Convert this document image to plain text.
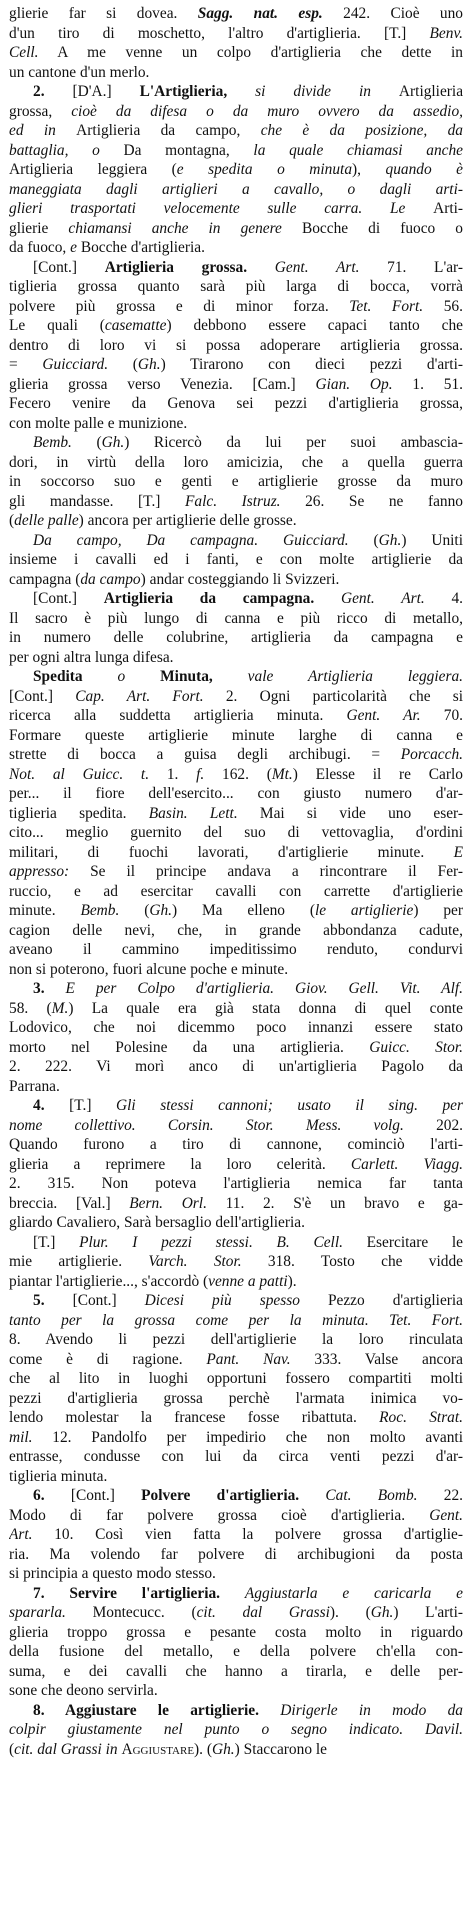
glierie far si dovea. Sagg. nat. esp. 242. Cioè uno
d'un tiro di moschetto, l'altro d'artiglieria. [T.] Benv.
Cell. A me venne un colpo d'artiglieria che dette in
un cantone d'un merlo.
2. [D'A.] L'Artiglieria, si divide in Artiglieria
grossa, cioè da difesa o da muro ovvero da assedio,
ed in Artiglieria da campo, che è da posizione, da
battaglia, o Da montagna, la quale chiamasi anche
Artiglieria leggiera (e spedita o minuta), quando è
maneggiata dagli artiglieri a cavallo, o dagli arti-
glieri trasportati velocemente sulle carra. Le Arti-
glierie chiamansi anche in genere Bocche di fuoco o
da fuoco, e Bocche d'artiglieria.
[Cont.] Artiglieria grossa. Gent. Art. 71. L'ar-
tiglieria grossa quanto sarà più larga di bocca, vorrà
polvere più grossa e di minor forza. Tet. Fort. 56.
Le quali (casematte) debbono essere capaci tanto che
dentro di loro vi si possa adoperare artiglieria grossa.
= Guicciard. (Gh.) Tirarono con dieci pezzi d'arti-
glieria grossa verso Venezia. [Cam.] Gian. Op. 1. 51.
Fecero venire da Genova sei pezzi d'artiglieria grossa,
con molte palle e munizione.
Bemb. (Gh.) Ricercò da lui per suoi ambascia-
dori, in virtù della loro amicizia, che a quella guerra
in soccorso suo e genti e artiglierie grosse da muro
gli mandasse. [T.] Falc. Istruz. 26. Se ne fanno
(delle palle) ancora per artiglierie delle grosse.
Da campo, Da campagna. Guicciard. (Gh.) Uniti
insieme i cavalli ed i fanti, e con molte artiglierie da
campagna (da campo) andar costeggiando li Svizzeri.
[Cont.] Artiglieria da campagna. Gent. Art. 4.
Il sacro è più lungo di canna e più ricco di metallo,
in numero delle colubrine, artiglieria da campagna e
per ogni altra lunga difesa.
Spedita o Minuta, vale Artiglieria leggiera.
[Cont.] Cap. Art. Fort. 2. Ogni particolarità che si
ricerca alla suddetta artiglieria minuta. Gent. Ar. 70.
Formare queste artiglierie minute larghe di canna e
strette di bocca a guisa degli archibugi. = Porcacch.
Not. al Guicc. t. 1. f. 162. (Mt.) Elesse il re Carlo
per... il fiore dell'esercito... con giusto numero d'ar-
tiglieria spedita. Basin. Lett. Mai si vide uno eser-
cito... meglio guernito del suo di vettovaglia, d'ordini
militari, di fuochi lavorati, d'artiglierie minute. E
appresso: Se il principe andava a rincontrare il Fer-
ruccio, e ad esercitar cavalli con carrette d'artiglierie
minute. Bemb. (Gh.) Ma elleno (le artiglierie) per
cagion delle nevi, che, in grande abbondanza cadute,
aveano il cammino impeditissimo renduto, condurvi
non si poterono, fuori alcune poche e minute.
3. E per Colpo d'artiglieria. Giov. Gell. Vit. Alf.
58. (M.) La quale era già stata donna di quel conte
Lodovico, che noi dicemmo poco innanzi essere stato
morto nel Polesine da una artiglieria. Guicc. Stor.
2. 222. Vi morì anco di un'artiglieria Pagolo da
Parrana.
4. [T.] Gli stessi cannoni; usato il sing. per
nome collettivo. Corsin. Stor. Mess. volg. 202.
Quando furono a tiro di cannone, cominciò l'arti-
glieria a reprimere la loro celerità. Carlett. Viagg.
2. 315. Non poteva l'artiglieria nemica far tanta
breccia. [Val.] Bern. Orl. 11. 2. S'è un bravo e ga-
gliardo Cavaliero, Sarà bersaglio dell'artiglieria.
[T.] Plur. I pezzi stessi. B. Cell. Esercitare le
mie artiglierie. Varch. Stor. 318. Tosto che vidde
piantar l'artiglierie..., s'accordò (venne a patti).
5. [Cont.] Dicesi più spesso Pezzo d'artiglieria
tanto per la grossa come per la minuta. Tet. Fort.
8. Avendo li pezzi dell'artiglierie la loro rinculata
come è di ragione. Pant. Nav. 333. Valse ancora
che al lito in luoghi opportuni fossero compartiti molti
pezzi d'artiglieria grossa perchè l'armata inimica vo-
lendo molestar la francese fosse ribattuta. Roc. Strat.
mil. 12. Pandolfo per impedirio che non molto avanti
entrasse, condusse con lui da circa venti pezzi d'ar-
tiglieria minuta.
6. [Cont.] Polvere d'artiglieria. Cat. Bomb. 22.
Modo di far polvere grossa cioè d'artiglieria. Gent.
Art. 10. Così vien fatta la polvere grossa d'artiglie-
ria. Ma volendo far polvere di archibugioni da posta
si principia a questo modo stesso.
7. Servire l'artiglieria. Aggiustarla e caricarla e
spararla. Montecucc. (cit. dal Grassi). (Gh.) L'arti-
glieria troppo grossa e pesante costa molto in riguardo
della fusione del metallo, e della polvere ch'ella con-
suma, e dei cavalli che hanno a tirarla, e delle per-
sone che deono servirla.
8. Aggiustare le artiglierie. Dirigerle in modo da
colpir giustamente nel punto o segno indicato. Davil.
(cit. dal Grassi in Aggiustare). (Gh.) Staccarono le
